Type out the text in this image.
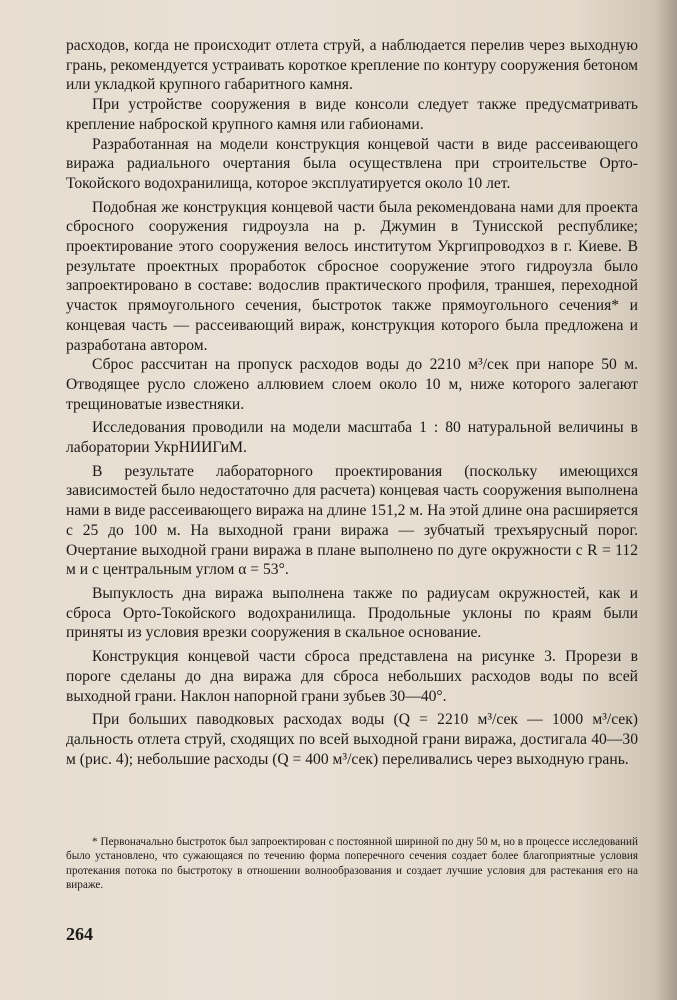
расходов, когда не происходит отлета струй, а наблюдается перелив через выходную грань, рекомендуется устраивать короткое крепление по контуру сооружения бетоном или укладкой крупного габаритного камня.

При устройстве сооружения в виде консоли следует также предусматривать крепление наброской крупного камня или габионами.

Разработанная на модели конструкция концевой части в виде рассеивающего виража радиального очертания была осуществлена при строительстве Орто-Токойского водохранилища, которое эксплуатируется около 10 лет.

Подобная же конструкция концевой части была рекомендована нами для проекта сбросного сооружения гидроузла на р. Джумин в Тунисской республике; проектирование этого сооружения велось институтом Укргипроводхоз в г. Киеве. В результате проектных проработок сбросное сооружение этого гидроузла было запроектировано в составе: водослив практического профиля, траншея, переходной участок прямоугольного сечения, быстроток также прямоугольного сечения* и концевая часть — рассеивающий вираж, конструкция которого была предложена и разработана автором.

Сброс рассчитан на пропуск расходов воды до 2210 м³/сек при напоре 50 м. Отводящее русло сложено аллювием слоем около 10 м, ниже которого залегают трещиноватые известняки.

Исследования проводили на модели масштаба 1 : 80 натуральной величины в лаборатории УкрНИИГиМ.

В результате лабораторного проектирования (поскольку имеющихся зависимостей было недостаточно для расчета) концевая часть сооружения выполнена нами в виде рассеивающего виража на длине 151,2 м. На этой длине она расширяется с 25 до 100 м. На выходной грани виража — зубчатый трехъярусный порог. Очертание выходной грани виража в плане выполнено по дуге окружности с R = 112 м и с центральным углом α = 53°.

Выпуклость дна виража выполнена также по радиусам окружностей, как и сброса Орто-Токойского водохранилища. Продольные уклоны по краям были приняты из условия врезки сооружения в скальное основание.

Конструкция концевой части сброса представлена на рисунке 3. Прорези в пороге сделаны до дна виража для сброса небольших расходов воды по всей выходной грани. Наклон напорной грани зубьев 30—40°.

При больших паводковых расходах воды (Q = 2210 м³/сек — 1000 м³/сек) дальность отлета струй, сходящих по всей выходной грани виража, достигала 40—30 м (рис. 4); небольшие расходы (Q = 400 м³/сек) переливались через выходную грань.

* Первоначально быстроток был запроектирован с постоянной шириной по дну 50 м, но в процессе исследований было установлено, что сужающаяся по течению форма поперечного сечения создает более благоприятные условия протекания потока по быстротоку в отношении волнообразования и создает лучшие условия для растекания его на вираже.

264
